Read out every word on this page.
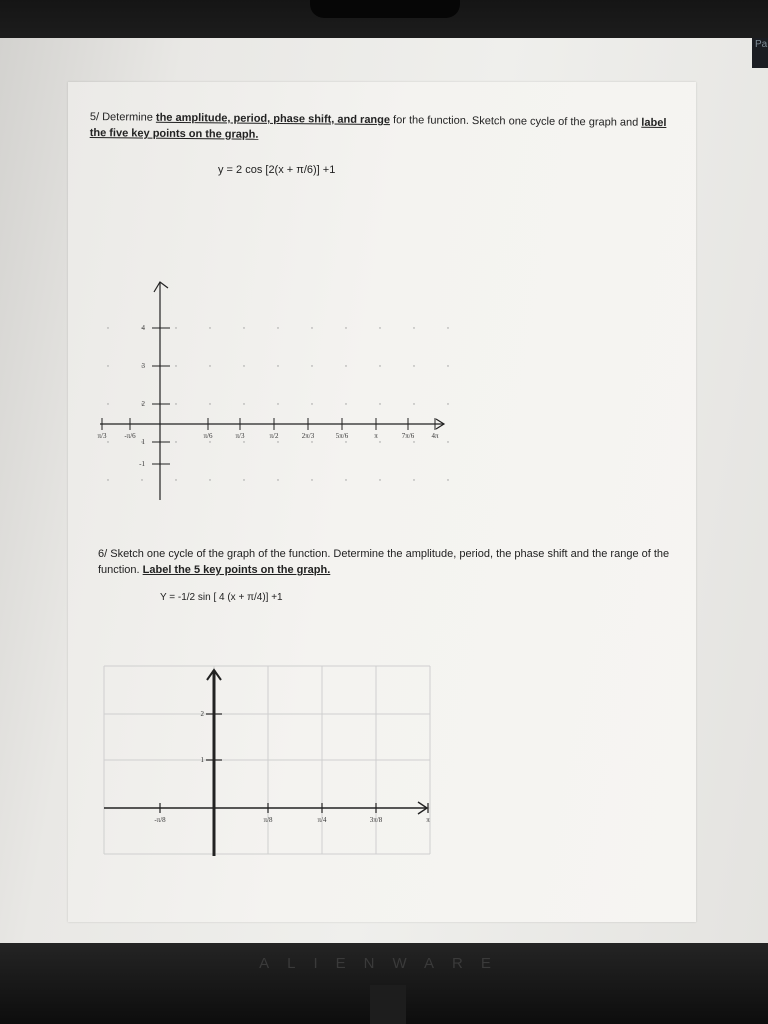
5/ Determine the amplitude, period, phase shift, and range for the function. Sketch one cycle of the graph and label the five key points on the graph.
y = 2 cos [2(x + π/6)] +1
4
3
2
1
-1
π/3	-π/6	π/6	π/3	π/2	2π/3	5π/6	π	7π/6 4π
6/ Sketch one cycle of the graph of the function. Determine the amplitude, period, the phase shift and the range of the function. Label the 5 key points on the graph.
Y = -1/2 sin [ 4 (x + π/4)] +1
2
1
-π/8	π/8	π/4	3π/8	π
Pa
ALIENWARE
